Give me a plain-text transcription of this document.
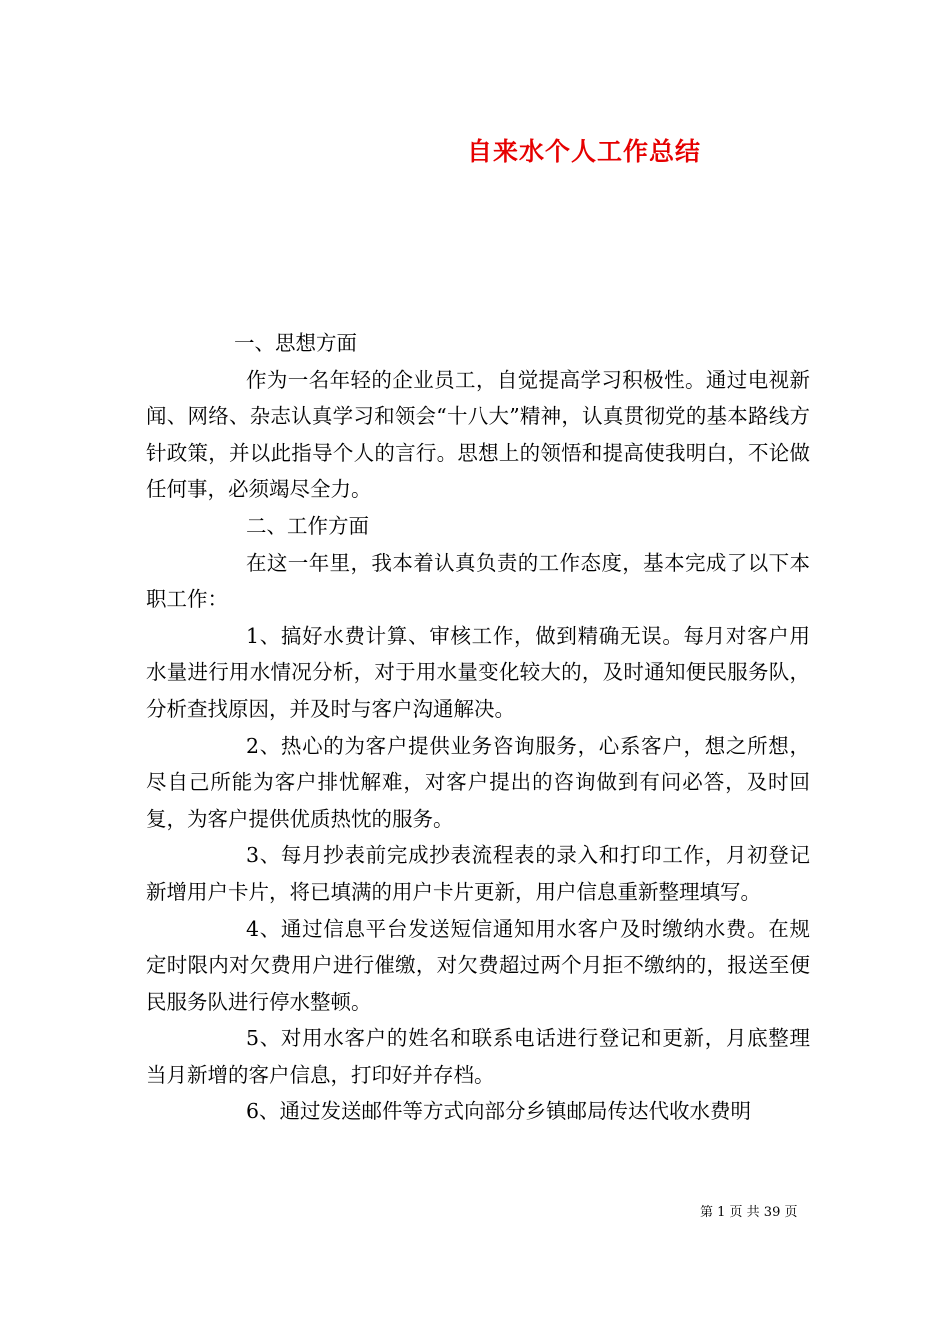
自来水个人工作总结

一、思想方面

作为一名年轻的企业员工，自觉提高学习积极性。通过电视新闻、网络、杂志认真学习和领会“十八大”精神，认真贯彻党的基本路线方针政策，并以此指导个人的言行。思想上的领悟和提高使我明白，不论做任何事，必须竭尽全力。

二、工作方面

在这一年里，我本着认真负责的工作态度，基本完成了以下本职工作：

1、搞好水费计算、审核工作，做到精确无误。每月对客户用水量进行用水情况分析，对于用水量变化较大的，及时通知便民服务队，分析查找原因，并及时与客户沟通解决。

2、热心的为客户提供业务咨询服务，心系客户，想之所想，尽自己所能为客户排忧解难，对客户提出的咨询做到有问必答，及时回复，为客户提供优质热忱的服务。

3、每月抄表前完成抄表流程表的录入和打印工作，月初登记新增用户卡片，将已填满的用户卡片更新，用户信息重新整理填写。

4、通过信息平台发送短信通知用水客户及时缴纳水费。在规定时限内对欠费用户进行催缴，对欠费超过两个月拒不缴纳的，报送至便民服务队进行停水整顿。

5、对用水客户的姓名和联系电话进行登记和更新，月底整理当月新增的客户信息，打印好并存档。

6、通过发送邮件等方式向部分乡镇邮局传达代收水费明

第 1 页 共 39 页
